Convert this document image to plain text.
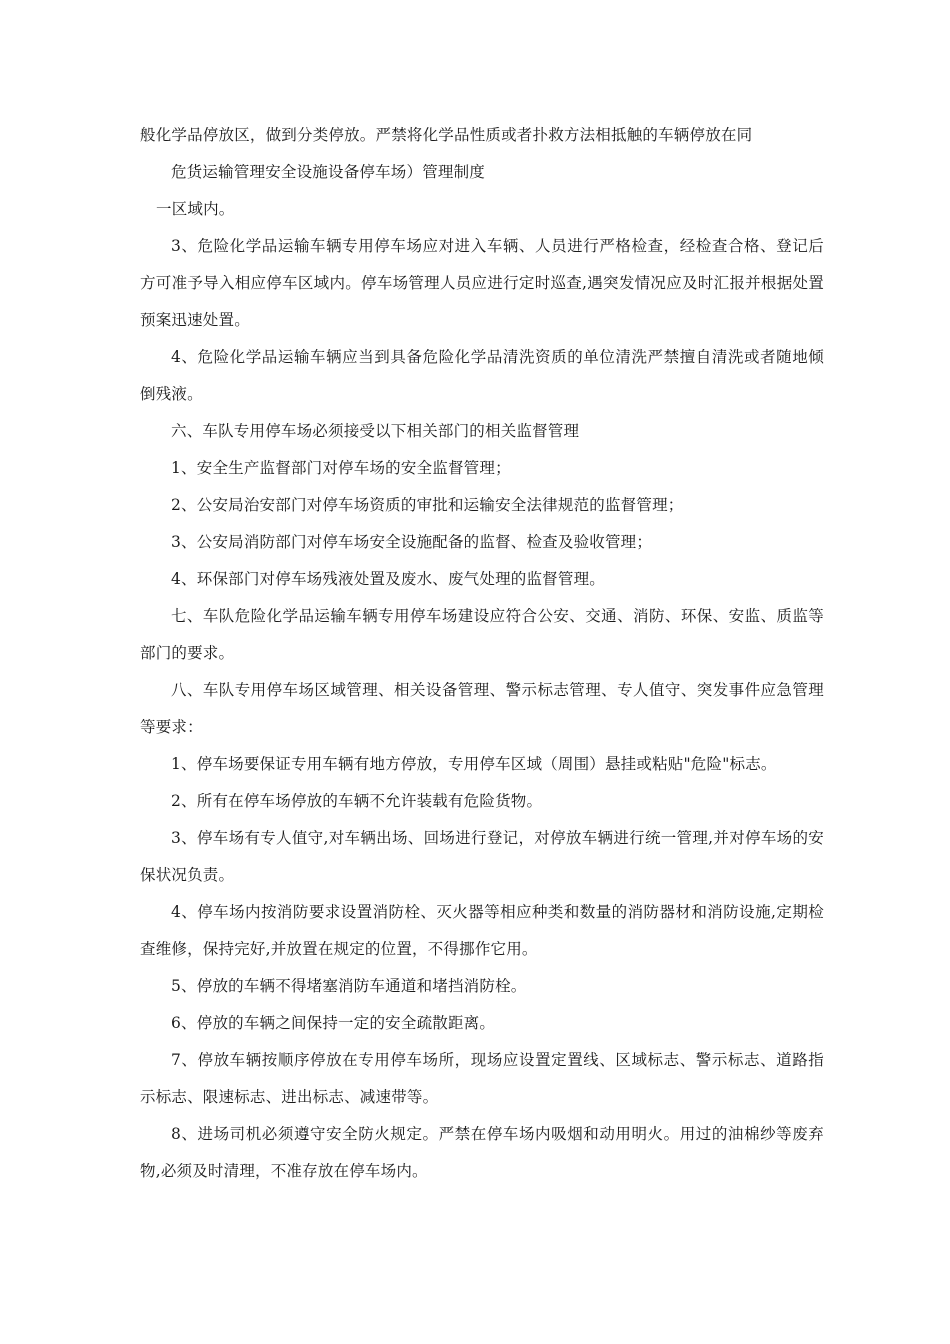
般化学品停放区，做到分类停放。严禁将化学品性质或者扑救方法相抵触的车辆停放在同
危货运输管理安全设施设备停车场）管理制度
一区域内。

3、危险化学品运输车辆专用停车场应对进入车辆、人员进行严格检查，经检查合格、登记后方可准予导入相应停车区域内。停车场管理人员应进行定时巡查,遇突发情况应及时汇报并根据处置预案迅速处置。

4、危险化学品运输车辆应当到具备危险化学品清洗资质的单位清洗严禁擅自清洗或者随地倾倒残液。

六、车队专用停车场必须接受以下相关部门的相关监督管理

1、安全生产监督部门对停车场的安全监督管理；

2、公安局治安部门对停车场资质的审批和运输安全法律规范的监督管理；

3、公安局消防部门对停车场安全设施配备的监督、检查及验收管理；

4、环保部门对停车场残液处置及废水、废气处理的监督管理。

七、车队危险化学品运输车辆专用停车场建设应符合公安、交通、消防、环保、安监、质监等部门的要求。

八、车队专用停车场区域管理、相关设备管理、警示标志管理、专人值守、突发事件应急管理等要求：

1、停车场要保证专用车辆有地方停放，专用停车区域（周围）悬挂或粘贴"危险"标志。

2、所有在停车场停放的车辆不允许装载有危险货物。

3、停车场有专人值守,对车辆出场、回场进行登记，对停放车辆进行统一管理,并对停车场的安保状况负责。

4、停车场内按消防要求设置消防栓、灭火器等相应种类和数量的消防器材和消防设施,定期检查维修，保持完好,并放置在规定的位置，不得挪作它用。

5、停放的车辆不得堵塞消防车通道和堵挡消防栓。

6、停放的车辆之间保持一定的安全疏散距离。

7、停放车辆按顺序停放在专用停车场所，现场应设置定置线、区域标志、警示标志、道路指示标志、限速标志、进出标志、减速带等。

8、进场司机必须遵守安全防火规定。严禁在停车场内吸烟和动用明火。用过的油棉纱等废弃物,必须及时清理，不准存放在停车场内。
